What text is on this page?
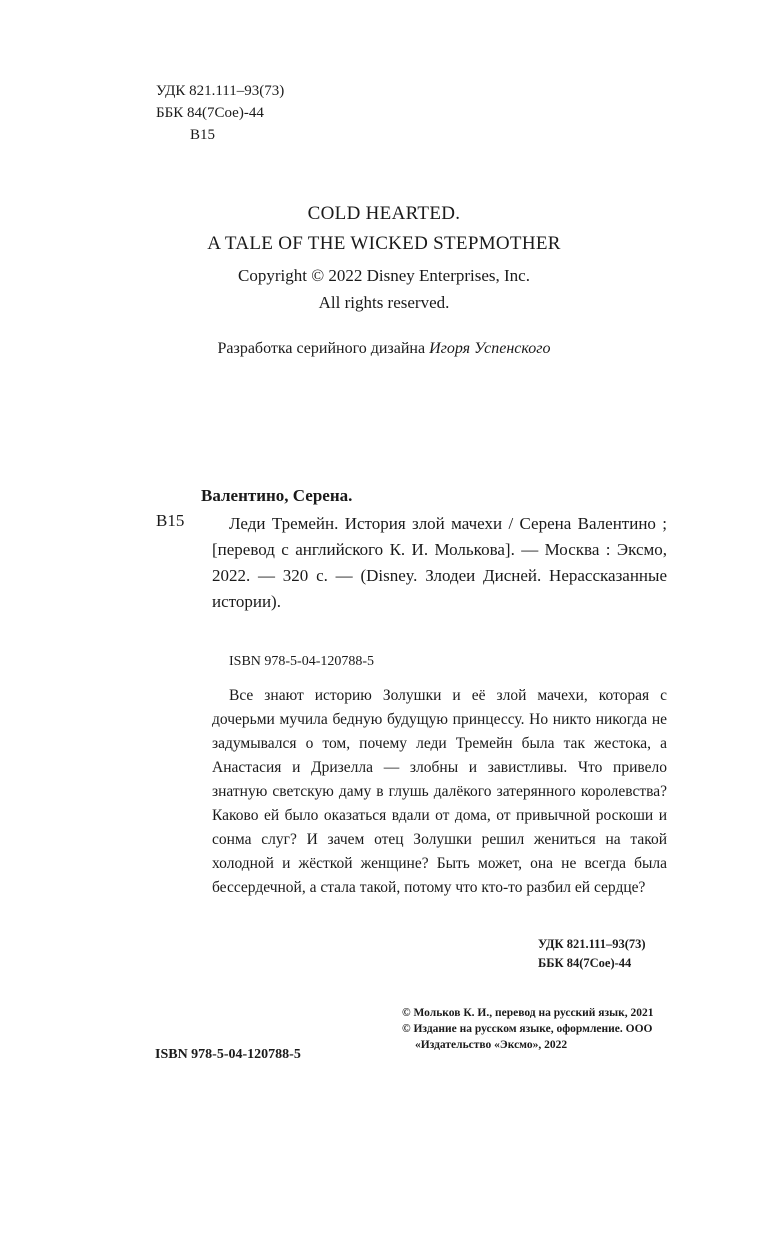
УДК 821.111–93(73)
ББК 84(7Сое)-44
В15
COLD HEARTED.
A TALE OF THE WICKED STEPMOTHER
Copyright © 2022 Disney Enterprises, Inc.
All rights reserved.
Разработка серийного дизайна Игоря Успенского
Валентино, Серена.
В15	Леди Тремейн. История злой мачехи / Серена Валентино ; [перевод с английского К. И. Молькова]. — Москва : Эксмо, 2022. — 320 с. — (Disney. Злодеи Дисней. Нерассказанные истории).
ISBN 978-5-04-120788-5

Все знают историю Золушки и её злой мачехи, которая с дочерьми мучила бедную будущую принцессу. Но никто никогда не задумывался о том, почему леди Тремейн была так жестока, а Анастасия и Дризелла — злобны и завистливы. Что привело знатную светскую даму в глушь далёкого затерянного королевства? Каково ей было оказаться вдали от дома, от привычной роскоши и сонма слуг? И зачем отец Золушки решил жениться на такой холодной и жёсткой женщине? Быть может, она не всегда была бессердечной, а стала такой, потому что кто-то разбил ей сердце?

УДК 821.111–93(73)
ББК 84(7Сое)-44
© Мольков К. И., перевод на русский язык, 2021
© Издание на русском языке, оформление. ООО «Издательство «Эксмо», 2022
ISBN 978-5-04-120788-5
